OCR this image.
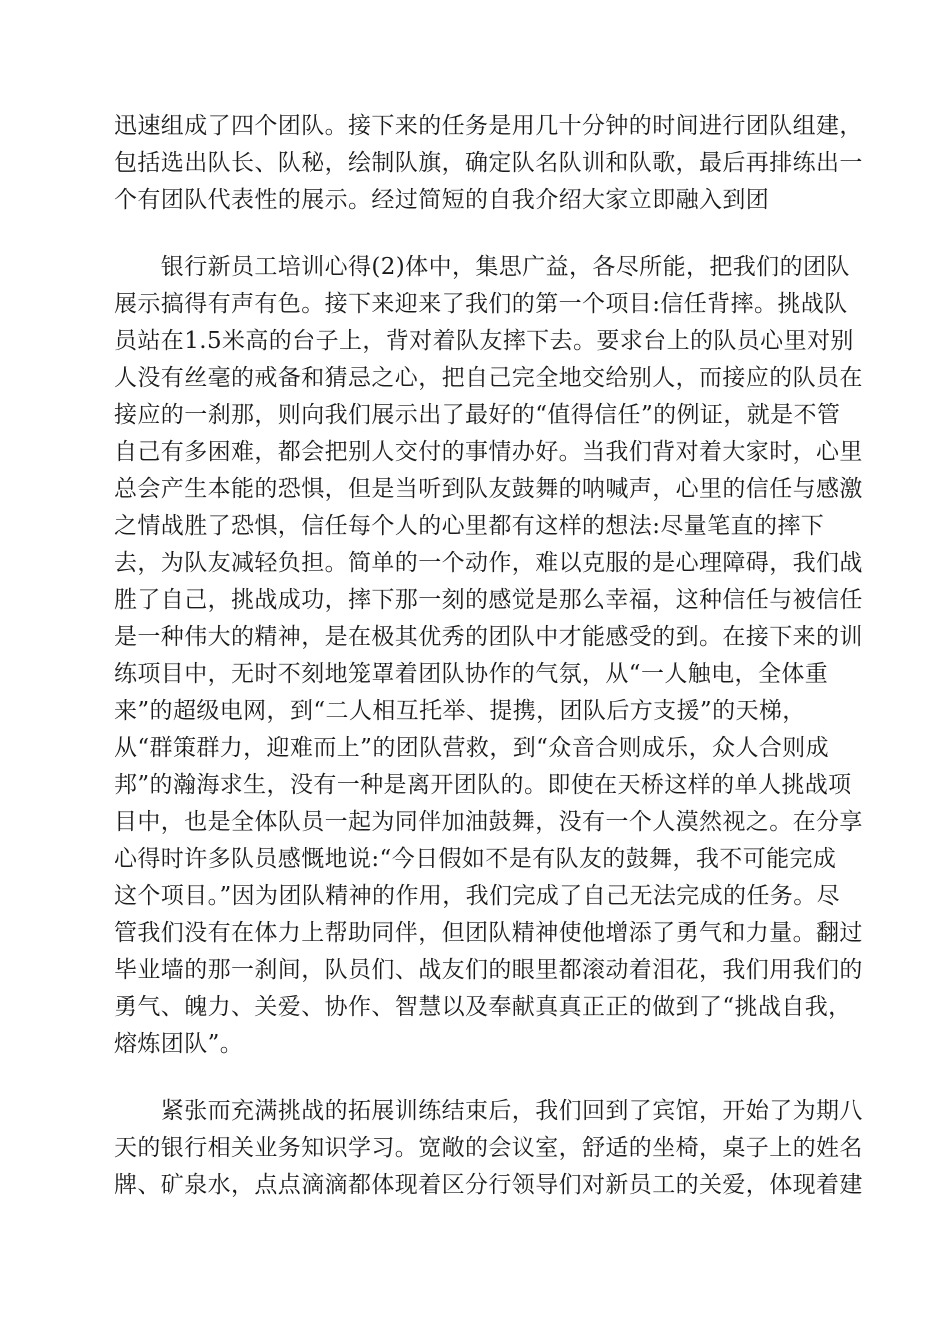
迅速组成了四个团队。接下来的任务是用几十分钟的时间进行团队组建，
包括选出队长、队秘，绘制队旗，确定队名队训和队歌，最后再排练出一
个有团队代表性的展示。经过简短的自我介绍大家立即融入到团
　　银行新员工培训心得(2)体中，集思广益，各尽所能，把我们的团队
展示搞得有声有色。接下来迎来了我们的第一个项目:信任背摔。挑战队
员站在1.5米高的台子上，背对着队友摔下去。要求台上的队员心里对别
人没有丝毫的戒备和猜忌之心，把自己完全地交给别人，而接应的队员在
接应的一刹那，则向我们展示出了最好的“值得信任”的例证，就是不管
自己有多困难，都会把别人交付的事情办好。当我们背对着大家时，心里
总会产生本能的恐惧，但是当听到队友鼓舞的呐喊声，心里的信任与感激
之情战胜了恐惧，信任每个人的心里都有这样的想法:尽量笔直的摔下
去，为队友减轻负担。简单的一个动作，难以克服的是心理障碍，我们战
胜了自己，挑战成功，摔下那一刻的感觉是那么幸福，这种信任与被信任
是一种伟大的精神，是在极其优秀的团队中才能感受的到。在接下来的训
练项目中，无时不刻地笼罩着团队协作的气氛，从“一人触电，全体重
来”的超级电网，到“二人相互托举、提携，团队后方支援”的天梯，
从“群策群力，迎难而上”的团队营救，到“众音合则成乐，众人合则成
邦”的瀚海求生，没有一种是离开团队的。即使在天桥这样的单人挑战项
目中，也是全体队员一起为同伴加油鼓舞，没有一个人漠然视之。在分享
心得时许多队员感慨地说:“今日假如不是有队友的鼓舞，我不可能完成
这个项目。”因为团队精神的作用，我们完成了自己无法完成的任务。尽
管我们没有在体力上帮助同伴，但团队精神使他增添了勇气和力量。翻过
毕业墙的那一刹间，队员们、战友们的眼里都滚动着泪花，我们用我们的
勇气、魄力、关爱、协作、智慧以及奉献真真正正的做到了“挑战自我，
熔炼团队”。
　　紧张而充满挑战的拓展训练结束后，我们回到了宾馆，开始了为期八
天的银行相关业务知识学习。宽敞的会议室，舒适的坐椅，桌子上的姓名
牌、矿泉水，点点滴滴都体现着区分行领导们对新员工的关爱，体现着建
